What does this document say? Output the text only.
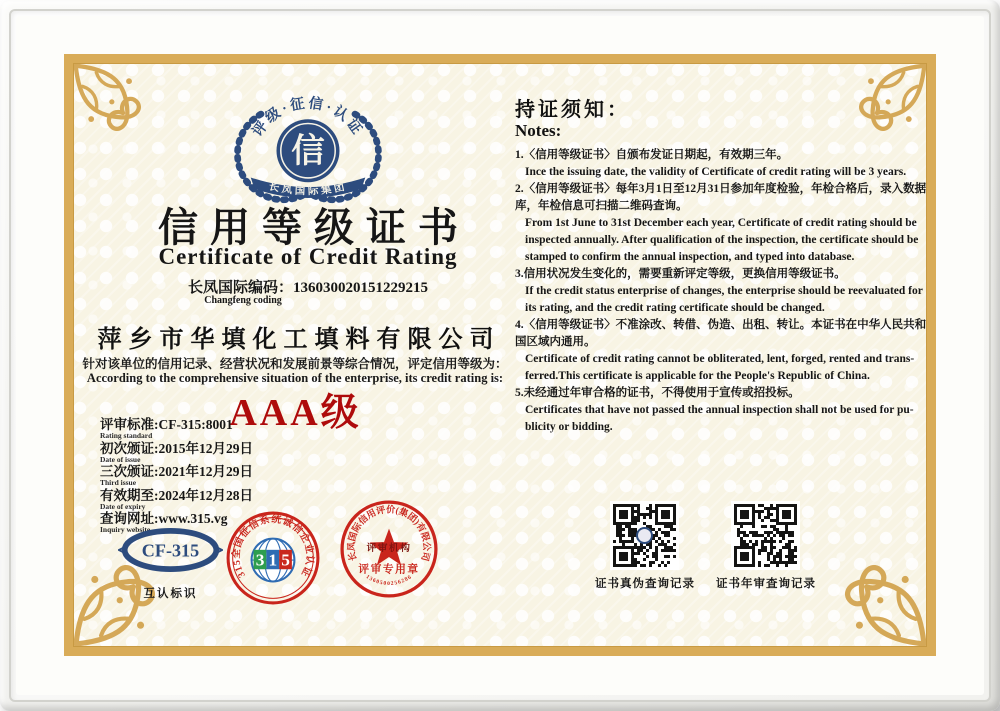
评级·征信·认证
信
长凤国际集团
信用等级证书
Certificate of Credit Rating
长凤国际编码：136030020151229215
Changfeng coding
萍乡市华填化工填料有限公司
针对该单位的信用记录、经营状况和发展前景等综合情况，评定信用等级为：
According to the comprehensive situation of the enterprise, its credit rating is:
AAA级
评审标准:CF-315:8001
Rating standard
初次颁证:2015年12月29日
Date of issue
三次颁证:2021年12月29日
Third issue
有效期至:2024年12月28日
Date of expiry
查询网址:www.315.vg
Inquiry website
CF-315
互认标识
315全国征信系统诚信企业认证
3 1 5	长凤国际信用评价(集团)有限公司
评审机构
评审专用章
1360500256286
持证须知：
Notes:

1.〈信用等级证书〉自颁布发证日期起，有效期三年。

Ince the issuing date, the validity of Certificate of credit rating will be 3 years.

2.〈信用等级证书〉每年3月1日至12月31日参加年度检验，年检合格后，录入数据库，年检信息可扫描二维码查询。

From 1st June to 31st December each year, Certificate of credit rating should be inspected annually. After qualification of the inspection, the certificate should be stamped to confirm the annual inspection, and typed into database.

3.信用状况发生变化的，需要重新评定等级，更换信用等级证书。

If the credit status enterprise of changes, the enterprise should be reevaluated for its rating, and the credit rating certificate should be changed.

4.〈信用等级证书〉不准涂改、转借、伪造、出租、转让。本证书在中华人民共和国区域内通用。

Certificate of credit rating cannot be obliterated, lent, forged, rented and trans-ferred.This certificate is applicable for the People's Republic of China.

5.未经通过年审合格的证书，不得使用于宣传或招投标。

Certificates that have not passed the annual inspection shall not be used for pu-blicity or bidding.

证书真伪查询记录	证书年审查询记录
